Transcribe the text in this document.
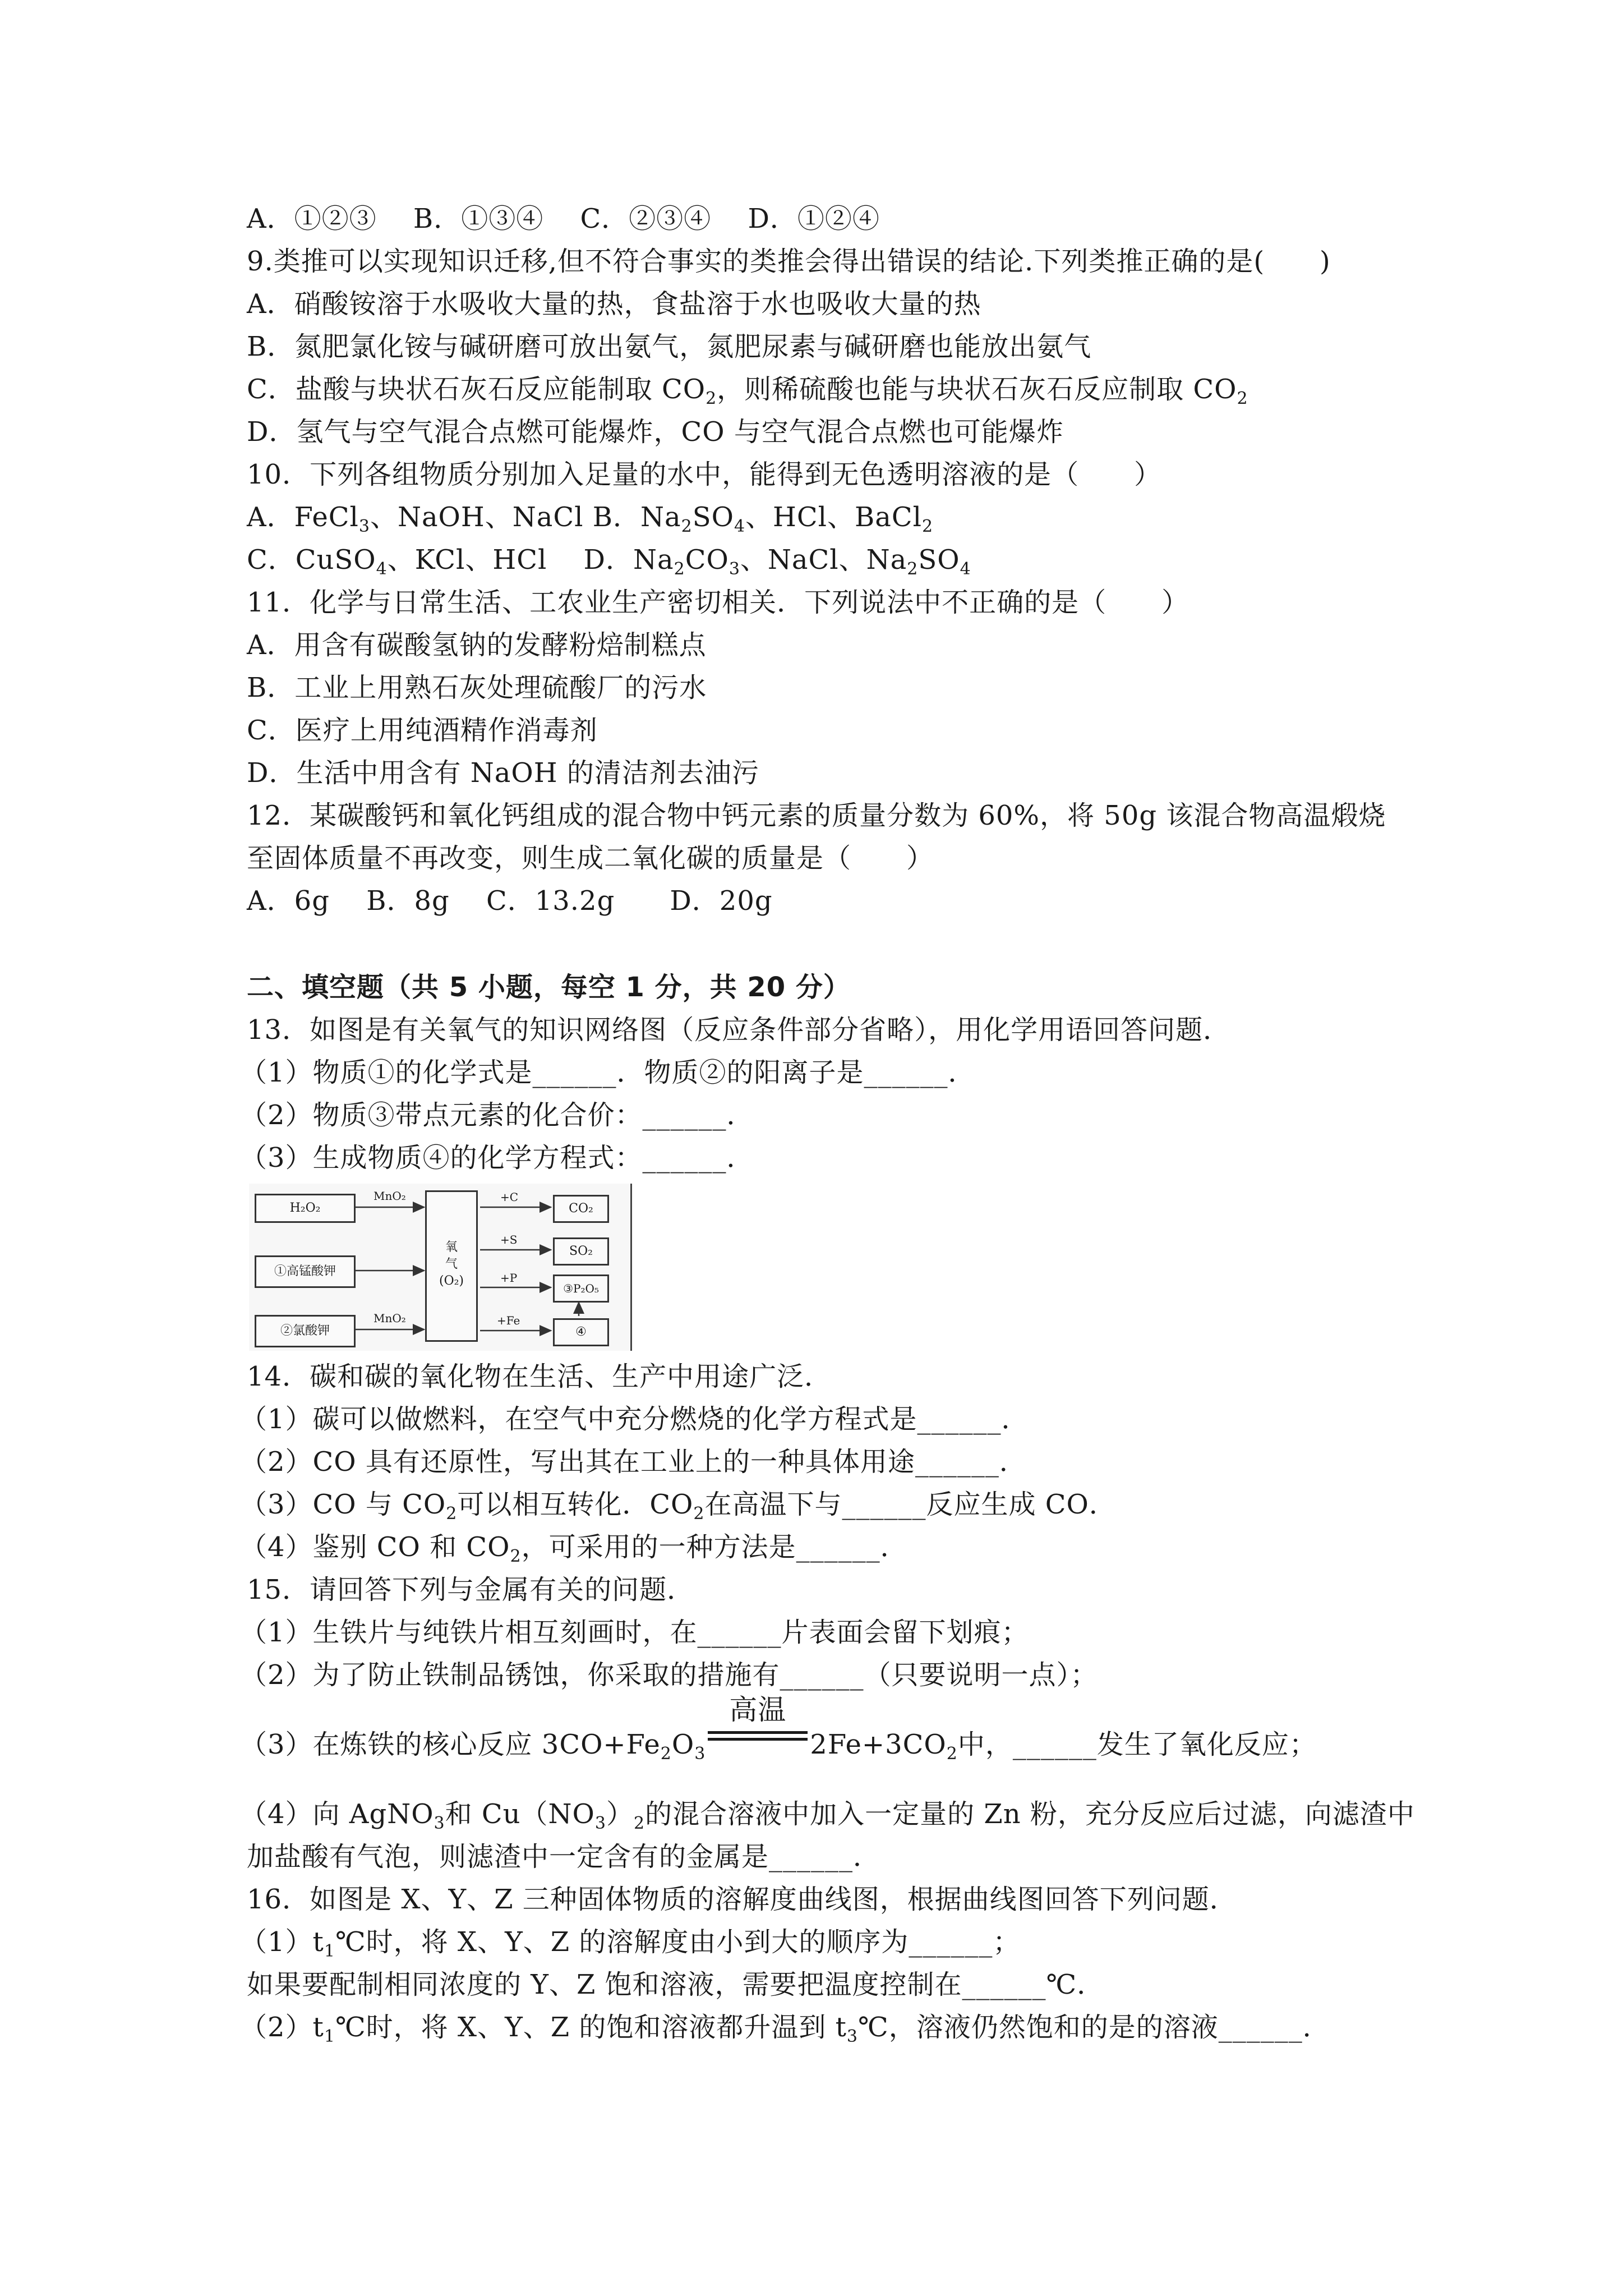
A．①②③　 B．①③④　 C．②③④　 D．①②④
9.类推可以实现知识迁移,但不符合事实的类推会得出错误的结论.下列类推正确的是(　　)
A．硝酸铵溶于水吸收大量的热，食盐溶于水也吸收大量的热
B．氮肥氯化铵与碱研磨可放出氨气，氮肥尿素与碱研磨也能放出氨气
C．盐酸与块状石灰石反应能制取 $CO_2$，则稀硫酸也能与块状石灰石反应制取 $CO_2$
D．氢气与空气混合点燃可能爆炸，CO 与空气混合点燃也可能爆炸
10．下列各组物质分别加入足量的水中，能得到无色透明溶液的是（　　）
A．FeCl$_3$、NaOH、NaCl B．$Na_2SO_4$、HCl、BaCl$_2$
C．CuSO$_4$、KCl、HCl　 D．$Na_2CO_3$、NaCl、$Na_2SO_4$
11．化学与日常生活、工农业生产密切相关．下列说法中不正确的是（　　）
A．用含有碳酸氢钠的发酵粉焙制糕点
B．工业上用熟石灰处理硫酸厂的污水
C．医疗上用纯酒精作消毒剂
D．生活中用含有 NaOH 的清洁剂去油污
12．某碳酸钙和氧化钙组成的混合物中钙元素的质量分数为 60%，将 50g 该混合物高温煅烧
至固体质量不再改变，则生成二氧化碳的质量是（　　）
A．6g　 B．8g　 C．13.2g　　D．20g
二、填空题（共 5 小题，每空 1 分，共 20 分）
13．如图是有关氧气的知识网络图（反应条件部分省略），用化学用语回答问题．
（1）物质①的化学式是______．物质②的阳离子是______．
（2）物质③带点元素的化合价：______．
（3）生成物质④的化学方程式：______．
H₂O₂
①高锰酸钾
②氯酸钾
MnO₂
MnO₂
氧
气
(O₂)
+C
+S
+P
+Fe
CO₂
SO₂
③P₂O₅
④
14．碳和碳的氧化物在生活、生产中用途广泛．
（1）碳可以做燃料，在空气中充分燃烧的化学方程式是______．
（2）CO 具有还原性，写出其在工业上的一种具体用途______．
（3）CO 与 $CO_2$可以相互转化．$CO_2$在高温下与______反应生成 CO．
（4）鉴别 CO 和 $CO_2$，可采用的一种方法是______．
15．请回答下列与金属有关的问题．
（1）生铁片与纯铁片相互刻画时，在______片表面会留下划痕；
（2）为了防止铁制品锈蚀，你采取的措施有______（只要说明一点）；
（3）在炼铁的核心反应 $3CO+Fe_2O_3$
高温
$2Fe+3CO_2$中，______发生了氧化反应；
（4）向 AgNO$_3$和 $Cu(NO_3)_2$的混合溶液中加入一定量的 Zn 粉，充分反应后过滤，向滤渣中
加盐酸有气泡，则滤渣中一定含有的金属是______．
16．如图是 X、Y、Z 三种固体物质的溶解度曲线图，根据曲线图回答下列问题．
$(1)t_1℃$时，将 X、Y、Z 的溶解度由小到大的顺序为______；
如果要配制相同浓度的 Y、Z 饱和溶液，需要把温度控制在______℃．
$(2)t_1℃$时，将 X、Y、Z 的饱和溶液都升温到 $t_3℃$，溶液仍然饱和的是的溶液______．
